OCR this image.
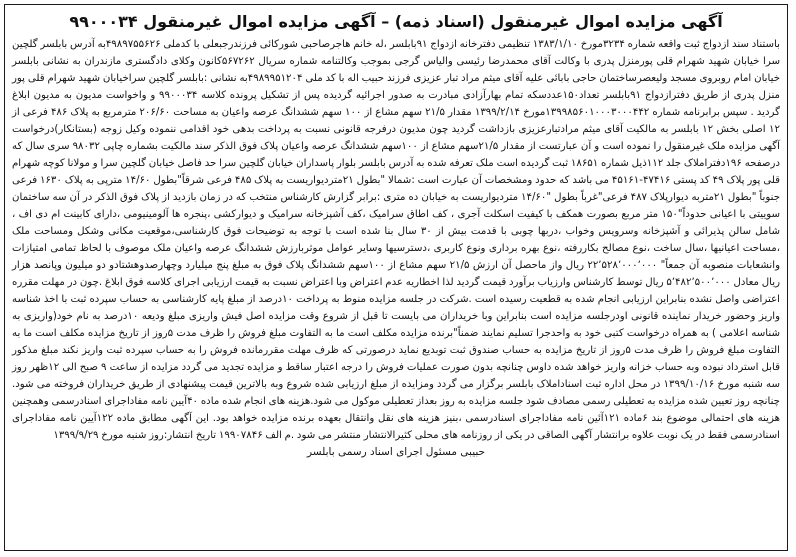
آگهی مزایده اموال غیرمنقول (اسناد ذمه) – آگهی مزایده اموال غیرمنقول ۹۹۰۰۰۳۴
باستناد سند ازدواج ثبت واقعه شماره ۳۲۳۴مورخ ۱۳۸۳/۱/۱۰ تنظیمی دفترخانه ازدواج ۹۱بابلسر ،له خانم هاجرصاحبی شورکائی فرزندرجبعلی با کدملی ۴۹۸۹۷۵۵۶۲۶به آدرس بابلسر گلچین سرا خیابان شهید شهرام قلی پورمنزل پدری با وکالت آقای محمدرضا رئیسی والیاس گرجی بموجب وکالتنامه شماره سریال ۵۶۷۲۶۲کانون وکلای دادگستری مازندران به نشانی بابلسر خیابان امام روبروی مسجد ولیعصرساختمان حاجی بابائی علیه آقای میثم مراد تبار عزیزی فرزند حبیب اله با کد ملی ۴۹۸۹۹۵۱۲۰۴به نشانی :بابلسر گلچین سراخیابان شهید شهرام قلی پور منزل پدری از طریق دفترازدواج ۹۱بابلسر تعداد۱۵۰عددسکه تمام بهارآزادی مبادرت به صدور اجرائیه گردیده پس از تشکیل پرونده کلاسه ۹۹۰۰۰۳۴ و واخواست مدیون به مدیون ابلاغ گردید . سپس برابرنامه شماره ۱۳۹۹۸۵۶۰۱۰۰۰۳۰۰۰۴۴۲مورخ ۱۳۹۹/۲/۱۴ مقدار ۲۱/۵ سهم مشاع از ۱۰۰ سهم ششدانگ عرصه واعیان به مساحت ۲۰۶/۶۰ مترمربع به پلاک ۴۸۶ فرعی از ۱۲ اصلی بخش ۱۲ بابلسر به مالکیت آقای میثم مرادتبارعزیزی بازداشت گردید چون مدیون درفرجه قانونی نسبت به پرداخت بدهی خود اقدامی ننموده وکیل زوجه (بستانکار)درخواست آگهی مزایده ملک غیرمنقول را نموده است و آن عبارتست از مقدار ۲۱/۵سهم مشاع از ۱۰۰سهم ششدانگ عرصه واعیان پلاک فوق الذکر سند مالکیت بشماره چاپی ۹۸۰۳۲ سری سال که درصفحه ۱۹۶دفتراملاک جلد ۱۱۲ذیل شماره ۱۸۶۵۱ ثبت گردیده است ملک تعرفه شده به آدرس بابلسر بلوار پاسداران خیابان گلچین سرا حد فاصل خیابان گلچین سرا و مولانا کوچه شهرام قلی پور پلاک ۴۹ کد پستی ۴۷۴۱۶-۴۵۱۶۱ می باشد که حدود ومشخصات آن عبارت است :شمالا "بطول ۲۱متردیواریست به پلاک ۴۸۵ فرعی شرقاً"بطول ۱۴/۶۰ مترپی به پلاک ۱۶۳۰ فرعی جنوباً "بطول ۲۱متربه دیوارپلاک ۴۸۷ فرعی"غرباً بطول "۱۴/۶۰ متردیواریست به خیابان ده متری :برابر گزارش کارشناس منتخب که در زمان بازدید از پلاک فوق الذکر در آن سه ساختمان سوییتی با اعیانی حدوداً"۱۵۰ متر مربع بصورت همکف با کیفیت اسکلت آجری ، کف اطاق سرامیک ،کف آشپزخانه سرامیک و دیوارکشی ،پنجره ها آلومینیومی ،دارای کابینت ام دی اف ، شامل سالن پذیرائی و آشپزخانه وسرویس وخواب ،دربها چوبی با قدمت بیش از ۳۰ سال بنا شده است با توجه به توضیحات فوق کارشناسی،موقعیت مکانی وشکل ومساحت ملک ،مساحت اعیانیها ،سال ساخت ،نوع مصالح بکاررفته ،نوع بهره برداری ونوع کاربری ،دسترسیها وسایر عوامل موثربارزش ششدانگ عرصه واعیان ملک موصوف با لحاظ تمامی امتیازات وانشعابات منصوبه آن جمعاً" ۲۲٬۵۲۸٬۰۰۰٬۰۰۰ ریال واز ماحصل آن ارزش ۲۱/۵ سهم مشاع از ۱۰۰سهم ششدانگ پلاک فوق به مبلغ پنج میلیارد وچهارصدوهشتادو دو میلیون وپانصد هزار ریال معادل ۵٬۴۸۲٬۵۰۰٬۰۰۰ ریال توسط کارشناس وارزیاب برآورد قیمت گردید لذا اخطاریه عدم اعتراض وبا اعتراض نسبت به قیمت ارزیابی اجرای کلاسه فوق ابلاغ .چون در مهلت مقرره اعتراضی واصل نشده بنابراین ارزیابی انجام شده به قطعیت رسیده است .شرکت در جلسه مزایده منوط به پرداخت ۱۰درصد از مبلغ پایه کارشناسی به حساب سپرده ثبت با اخذ شناسه واریز وحضور خریدار نماینده قانونی اودرجلسه مزایده است بنابراین وبا خریداران می بایست تا قبل از شروع وقت مزایده اصل فیش واریزی مبلغ ودیعه ۱۰درصد به نام خود(واریزی به شناسه اعلامی ) به همراه درخواست کتبی خود به واحدجرا تسلیم نمایند ضمناً"برنده مزایده مکلف است ما به التفاوت مبلغ فروش را ظرف مدت ۵روز از تاریخ مزایده مکلف است ما به التفاوت مبلغ فروش را ظرف مدت ۵روز از تاریخ مزایده به حساب صندوق ثبت توبدیع نماید درصورتی که ظرف مهلت مقررمانده فروش را به حساب سپرده ثبت واریز نکند مبلغ مذکور قابل استرداد نبوده وبه حساب خزانه واریز خواهد شده داوس چنانچه بدون صورت عملیات فروش را درجه اعتبار ساقط و مزایده تجدید می گردد مزایده از ساعت ۹ صبح الی ۱۲ظهر روز سه شنبه مورخ ۱۳۹۹/۱۰/۱۶ در محل اداره ثبت اسناداملاک بابلسر برگزار می گردد ومزایده از مبلغ ارزیابی شده شروع وبه بالاترین قیمت پیشنهادی از طریق خریداران فروخته می شود. چنانچه روز تعیین شده مزایده به تعطیلی رسمی مصادف شود جلسه مزایده به روز بعداز تعطیلی موکول می شود.هزینه های انجام شده ماده ۴۰آیین نامه مفاداجرای اسنادرسمی وهمچنین هزینه های احتمالی موضوع بند ۶ماده ۱۲۱آئین نامه مفاداجرای اسنادرسمی ،بنیز هزینه های نقل وانتقال بعهده برنده مزایده خواهد بود. این آگهی مطابق ماده ۱۲۲آیین نامه مفاداجرای اسنادرسمی فقط در یک نوبت علاوه برانتشار آگهی الصاقی در یکی از روزنامه های محلی کثیرالانتشار منتشر می شود .م الف ۱۹۹۰۷۸۴۶ تاریخ انتشار:روز شنبه مورخ ۱۳۹۹/۹/۲۹
حبیبی مسئول اجرای اسناد رسمی بابلسر
